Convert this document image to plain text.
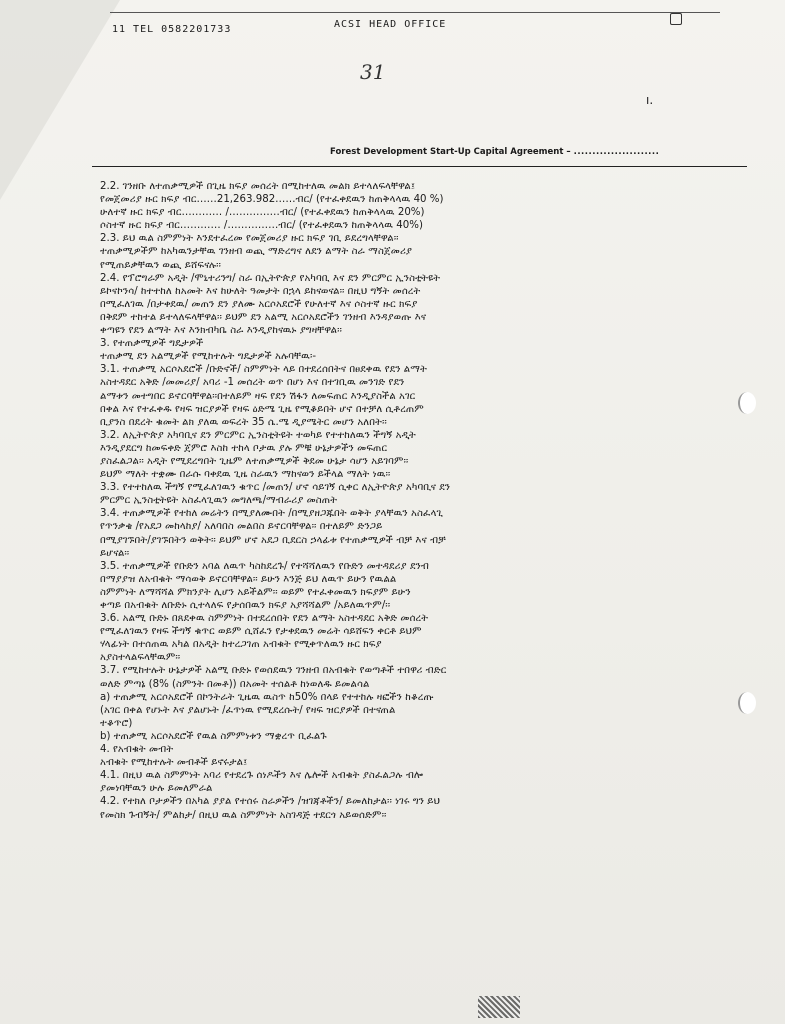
11 TEL 0582201733	ACSI HEAD OFFICE
31
ı.
Forest Development Start-Up Capital Agreement – .......................

2.2. ገንዘቡ ለተጠቃሚዎች በጊዜ ክፍያ መሰረት በሚከተለዉ መልክ ይተላለፍላቸዋል፤

የመጀመሪያ ዙር ክፍያ ብር……21,263.982……ብር/ (የተፈቀደዉን ከጠቅላላዉ 40 %)

ሁለተኛ ዙር ክፍያ ብር………… /……………ብር/ (የተፈቀደዉን ከጠቅላላዉ 20%)

ሶስተኛ ዙር ክፍያ ብር………… /……………ብር/ (የተፈቀደዉን ከጠቅላላዉ 40%)

2.3. ይህ ዉል ስምምነት እንደተፈረመ የመጀመሪያ ዙር ክፍያ ገቢ ይደረግላቸዋል፡፡

ተጠቃሚዎችም ከአካዉንታቸዉ ገንዘብ ወጪ ማድረግና ለደን ልማት ስራ ማስጀመሪያ

የሚጠይቃቸዉን ወጪ ይሸፍናሉ፡፡

2.4. የፕሮግራም አዲት /ሞኒተሪንግ/ ስራ በኢትዮጵያ የአካባቢ እና ደን ምርምር ኢንስቲትዩት

ይኮናኮንሳ/ ከተተከለ ከአመት እና ከሁለት ዓመታት በኋላ ይከናወናል፡፡ በዚህ ግኝት መሰረት

በሚፈለገዉ /በታቀደዉ/ መጠን ደን ያለሙ አርሶአደሮች የሁለተኛ እና ሶስተኛ ዙር ክፍያ

በቅደም ተከተል ይተላለፍላቸዋል፡፡ ይህም ደን አልሚ አርሶአደሮችን ገንዘብ እንዳያወጡ እና

ቀጣዩን የደን ልማት እና እንክብካቤ ስራ እንዲያከናዉኑ ያግዛቸዋል፡፡

3. የተጠቃሚዎች ግዴታዎች

ተጠቃሚ ደን አልሚዎች የሚከተሉት ግዴታዎች አሉባቸዉ፡-

3.1. ተጠቃሚ አርሶአደሮች /ቡድኖች/ ስምምነት ላይ በተደረሰበትና በፀደቀዉ የደን ልማት

አስተዳደር አቅድ /መመሪያ/ አባሪ -1 መሰረት ወጥ በሆነ እና በተገቢዉ መንገድ የደን

ልማቱን መተግበር ይኖርባቸዋል፡፡በተለይም ዛፍ የደን ሽፋን ለመፍጠር እንዲያስችል አገር

በቀል እና የተፈቀዱ የዛፍ ዝርያዎች የዛፍ ዕድሜ ጊዜ የሚቆይበት ሆኖ በተቻለ ሲቶረጠም

ቢያንስ በደረት ቁመት ልክ ያለዉ ወፍረት 35 ሴ.ሜ ዲያሜትር መሆን አለበት፡፡

3.2. ለኢትዮጵያ አካባቢና ደን ምርምር ኢንስቲትዩት ተወካይ የተተከለዉን ችግኝ አዲት

እንዲያደርግ ከመፍቀድ ጀምሮ እስከ ተከላ ቦታዉ ያሉ ምቹ ሁኔታዎችን መፍጠር

ያስፈልጋል፡፡ አዲት የሚደረግበት ጊዜም ለተጠቃሚዎች ቅደመ ሁኔታ ሳሆን አይገባም፡፡

ይህም ማለት ተቋሙ በራሱ ባቀደዉ ጊዜ ስራዉን ማከናወን ይችላል ማለት ነዉ፡፡

3.3. የተተከለዉ ችግኝ የሚፈለገዉን ቁጥር /መጠን/ ሆኖ ሳይገኝ ሲቀር ለኢትዮጵያ አካባቢና ደን

ምርምር ኢንስቲትዩት አስፈላጊዉን መግለጫ/ማብራሪያ መስጠት

3.4. ተጠቃሚዎች የተከለ መሬትን በሚያለሙበት /በሚያዘጋጁበት ወቅት ያላቸዉን አስፈላጊ

የጥንቃቄ /የአደጋ መከላከያ/ አለባበስ መልበስ ይኖርባቸዋል፡፡ በተለይም ድንጋይ

በሚያገኙበት/ያገኙበትን ወቅት፡፡ ይህም ሆኖ አደጋ ቢደርስ ኃላፊቱ የተጠቃሚዎች ብቻ እና ብቻ

ይሆናል፡፡

3.5. ተጠቃሚዎች የቡድን አባል ለዉጥ ካስከደረጉ/ የተሻሻለዉን የቡድን መተዳደሪያ ደንብ

በማያያዝ ለአብቁት ማሳወቅ ይኖርባቸዋል፡፡ ይሁን እንጅ ይህ ለዉጥ ይሁን የዉልል

ስምምነት ለማሻሻል ምክንያት ሊሆን አይችልም፡፡ ወይም የተፈቀመዉን ክፍያም ይሁን

ቀጣይ በአብቁት ለቡድኑ ሲተላለፍ የታሰበዉን ክፍያ አያሻሻልም /አይለዉጥም/፡፡

3.6. አልሚ ቡድኑ በጸደቀዉ ስምምነት በተደረሰበት የደን ልማት አስተዳደር አቅድ መሰረት

የሚፈለገዉን የዛፍ ችግኝ ቁጥር ወይም ሲሸፈን የታቀደዉን መሬት ሳይሸፍን ቀርቶ ይህም

ሃላፊነት በተሰጠዉ አካል በአዲት ከተረጋገጠ አብቁት የሚቀጥለዉን ዙር ክፍያ

አያስተላልፍላቸዉም፡፡

3.7. የሚከተሉት ሁኔታዎች አልሚ ቡድኑ የወሰደዉን ገንዘብ በአብቁት የወጣቶች ተበዋሪ ብድር

ወለድ ምጣኔ (8% (ስምንት በመቶ)) በአመት ተሰልቶ ከነወለዱ ይመልሳል

a) ተጠቃሚ አርሶአደሮች በኮንትራት ጊዜዉ ዉስጥ ከ50% በላይ የተተከሉ ዛፎችን ከቆረጡ

(አገር በቀል የሆኑት እና ያልሆኑት /ፈጥነዉ የሚደረሱት/ የዛፍ ዝርያዎች በተናጠል

ተቆጥሮ)

b) ተጠቃሚ አርሶአደሮች የዉል ስምምነቱን ማቋረጥ ቢፈልጉ

4. የአብቁት መብት

አብቁት የሚከተሉት መብቶች ይኖሩታል፤

4.1. በዚህ ዉል ስምምነት አባሪ የተደረጉ ሰነዶችን እና ሌሎች አብቁት ያስፈልጋሉ ብሎ

ያመነባቸዉን ሁሉ ይመለምራል

4.2. የተክለ ቦታዎችን በአካል ያያል የተሰሩ ስራዎችን /ዝገጃቶችን/ ይመለከታል፡፡ ነገሩ ግን ይህ

የመስክ ጉብኝት/ ምልከታ/ በዚህ ዉል ስምምነት አስገዳጅ ተደርጎ አይወሰድም፡፡
